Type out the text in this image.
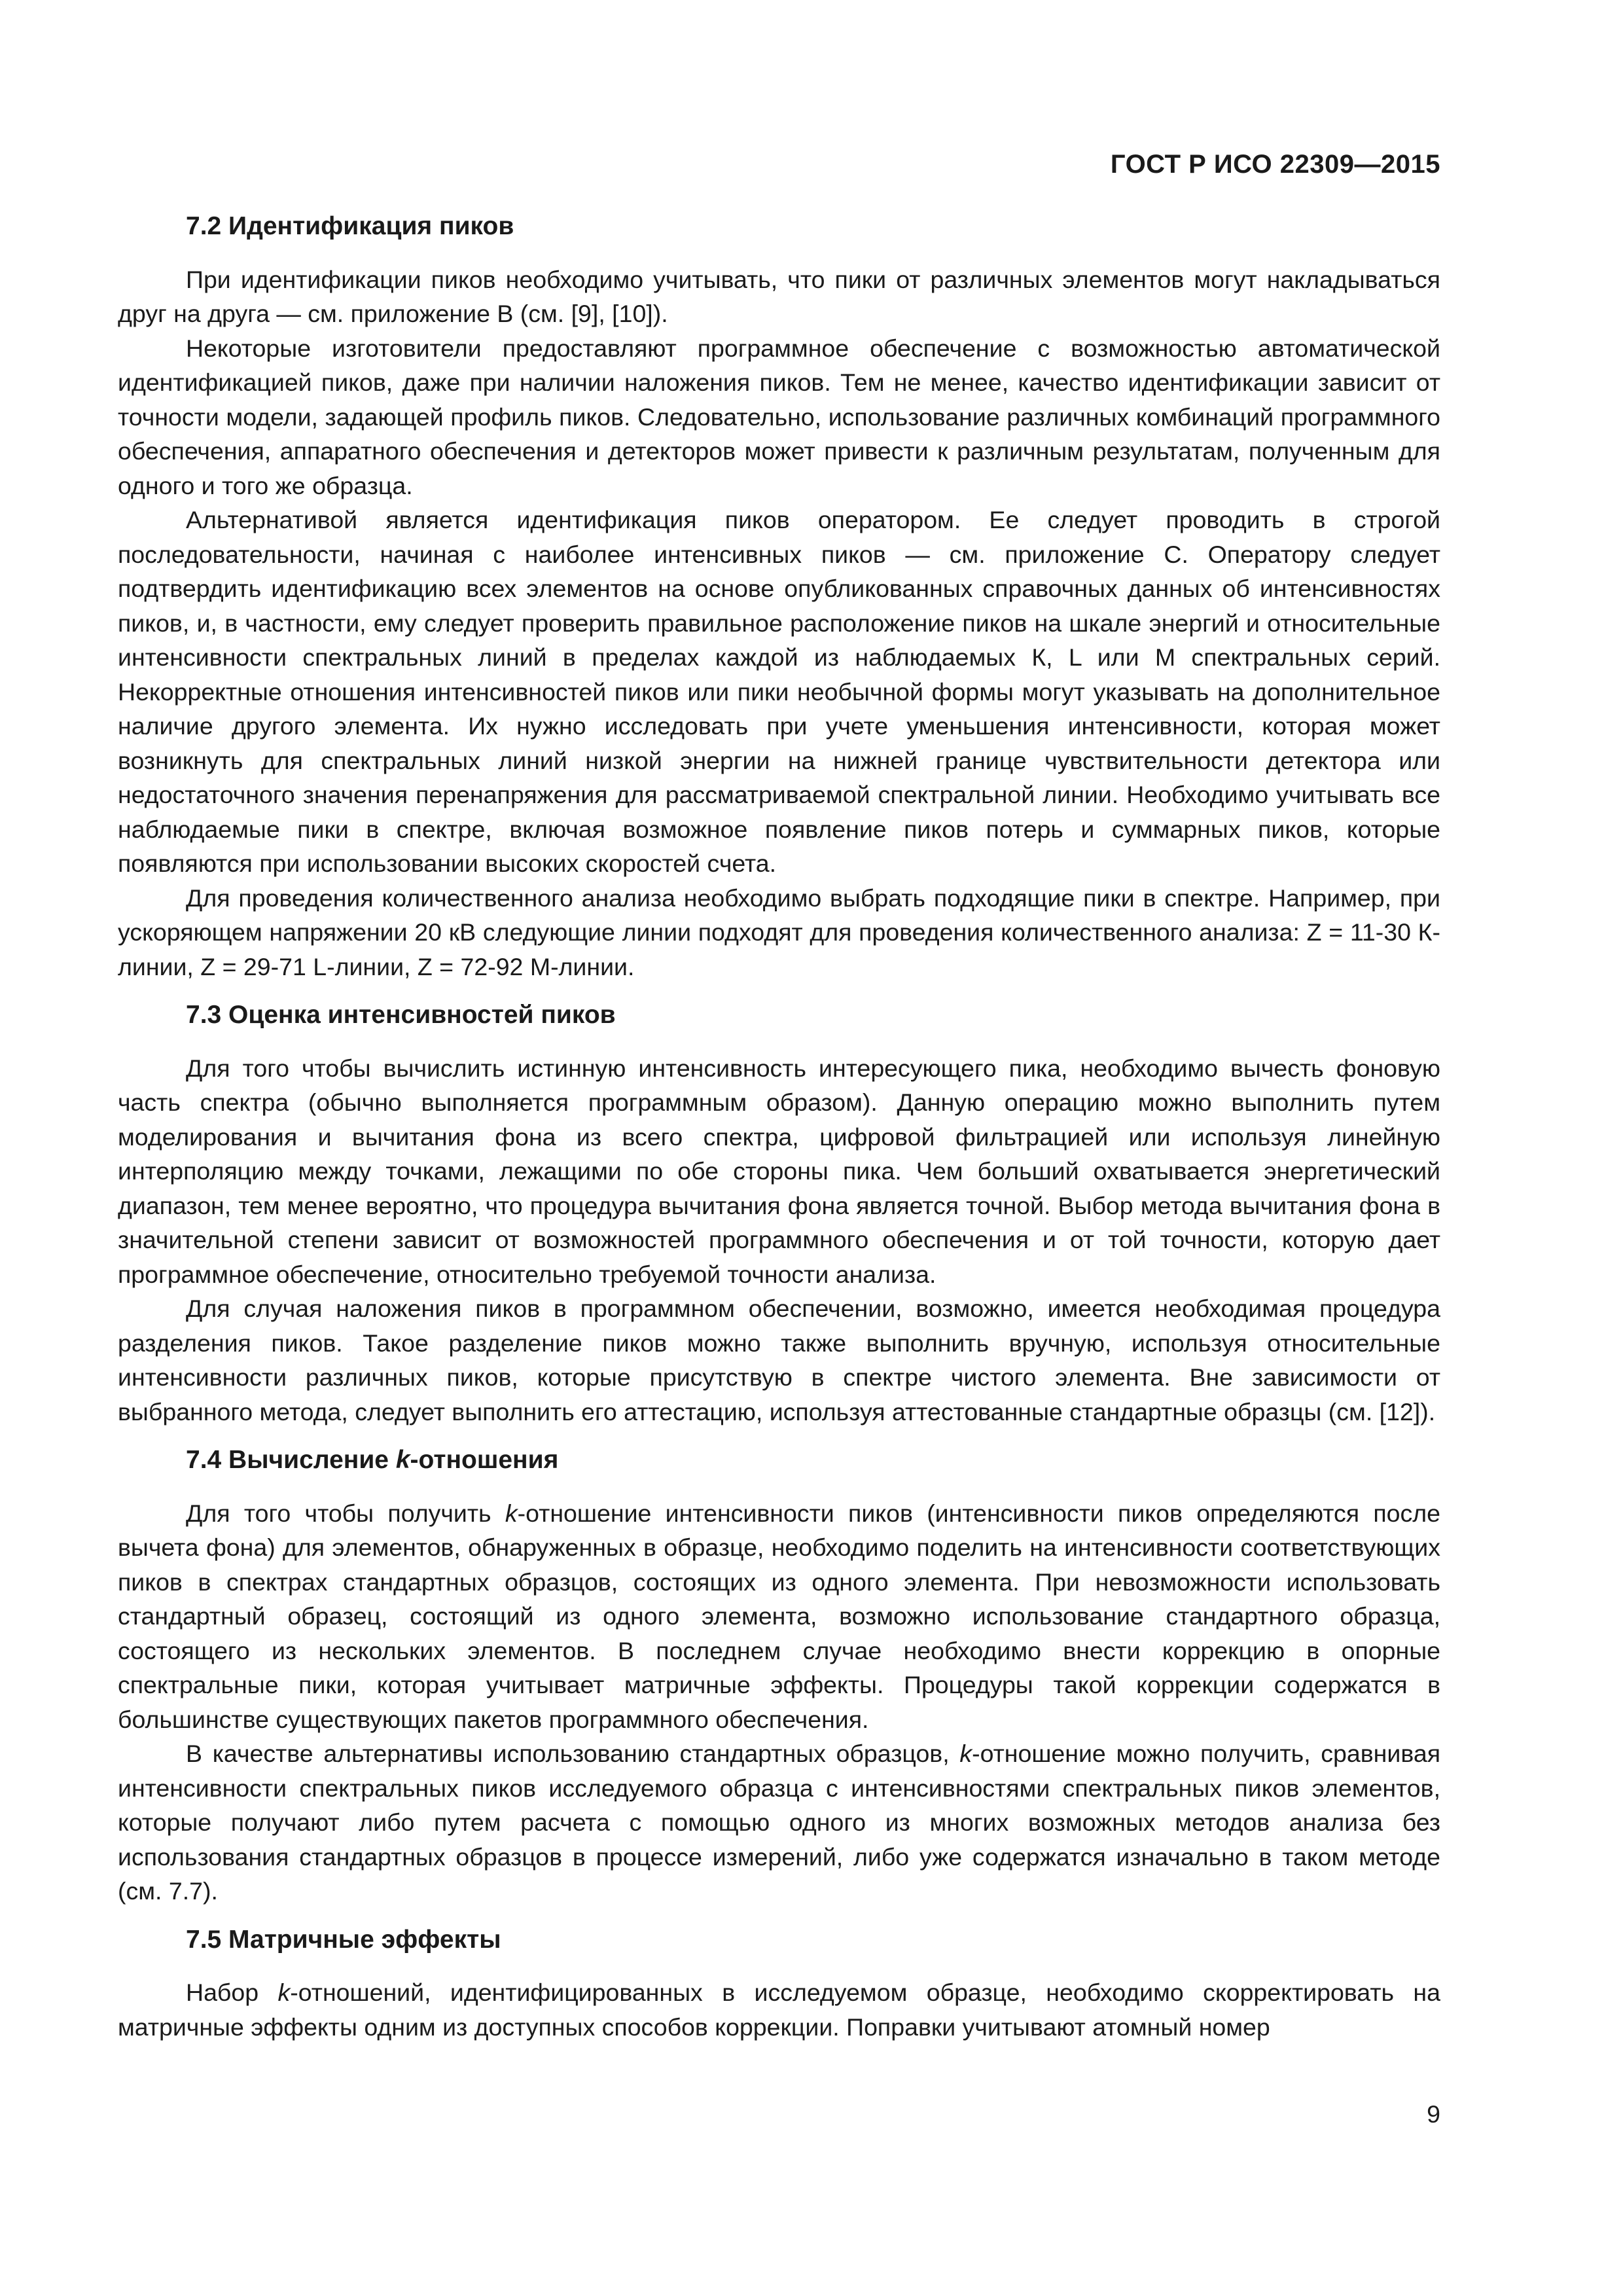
ГОСТ Р ИСО 22309—2015
7.2 Идентификация пиков

При идентификации пиков необходимо учитывать, что пики от различных элементов могут накладываться друг на друга — см. приложение В (см. [9], [10]).

Некоторые изготовители предоставляют программное обеспечение с возможностью автоматической идентификацией пиков, даже при наличии наложения пиков. Тем не менее, качество идентификации зависит от точности модели, задающей профиль пиков. Следовательно, использование различных комбинаций программного обеспечения, аппаратного обеспечения и детекторов может привести к различным результатам, полученным для одного и того же образца.

Альтернативой является идентификация пиков оператором. Ее следует проводить в строгой последовательности, начиная с наиболее интенсивных пиков — см. приложение С. Оператору следует подтвердить идентификацию всех элементов на основе опубликованных справочных данных об интенсивностях пиков, и, в частности, ему следует проверить правильное расположение пиков на шкале энергий и относительные интенсивности спектральных линий в пределах каждой из наблюдаемых К, L или М спектральных серий. Некорректные отношения интенсивностей пиков или пики необычной формы могут указывать на дополнительное наличие другого элемента. Их нужно исследовать при учете уменьшения интенсивности, которая может возникнуть для спектральных линий низкой энергии на нижней границе чувствительности детектора или недостаточного значения перенапряжения для рассматриваемой спектральной линии. Необходимо учитывать все наблюдаемые пики в спектре, включая возможное появление пиков потерь и суммарных пиков, которые появляются при использовании высоких скоростей счета.

Для проведения количественного анализа необходимо выбрать подходящие пики в спектре. Например, при ускоряющем напряжении 20 кВ следующие линии подходят для проведения количественного анализа: Z = 11-30 К-линии, Z = 29-71 L-линии, Z = 72-92 М-линии.

7.3 Оценка интенсивностей пиков

Для того чтобы вычислить истинную интенсивность интересующего пика, необходимо вычесть фоновую часть спектра (обычно выполняется программным образом). Данную операцию можно выполнить путем моделирования и вычитания фона из всего спектра, цифровой фильтрацией или используя линейную интерполяцию между точками, лежащими по обе стороны пика. Чем больший охватывается энергетический диапазон, тем менее вероятно, что процедура вычитания фона является точной. Выбор метода вычитания фона в значительной степени зависит от возможностей программного обеспечения и от той точности, которую дает программное обеспечение, относительно требуемой точности анализа.

Для случая наложения пиков в программном обеспечении, возможно, имеется необходимая процедура разделения пиков. Такое разделение пиков можно также выполнить вручную, используя относительные интенсивности различных пиков, которые присутствую в спектре чистого элемента. Вне зависимости от выбранного метода, следует выполнить его аттестацию, используя аттестованные стандартные образцы (см. [12]).

7.4 Вычисление k-отношения

Для того чтобы получить k-отношение интенсивности пиков (интенсивности пиков определяются после вычета фона) для элементов, обнаруженных в образце, необходимо поделить на интенсивности соответствующих пиков в спектрах стандартных образцов, состоящих из одного элемента. При невозможности использовать стандартный образец, состоящий из одного элемента, возможно использование стандартного образца, состоящего из нескольких элементов. В последнем случае необходимо внести коррекцию в опорные спектральные пики, которая учитывает матричные эффекты. Процедуры такой коррекции содержатся в большинстве существующих пакетов программного обеспечения.

В качестве альтернативы использованию стандартных образцов, k-отношение можно получить, сравнивая интенсивности спектральных пиков исследуемого образца с интенсивностями спектральных пиков элементов, которые получают либо путем расчета с помощью одного из многих возможных методов анализа без использования стандартных образцов в процессе измерений, либо уже содержатся изначально в таком методе (см. 7.7).

7.5 Матричные эффекты

Набор k-отношений, идентифицированных в исследуемом образце, необходимо скорректировать на матричные эффекты одним из доступных способов коррекции. Поправки учитывают атомный номер

9
